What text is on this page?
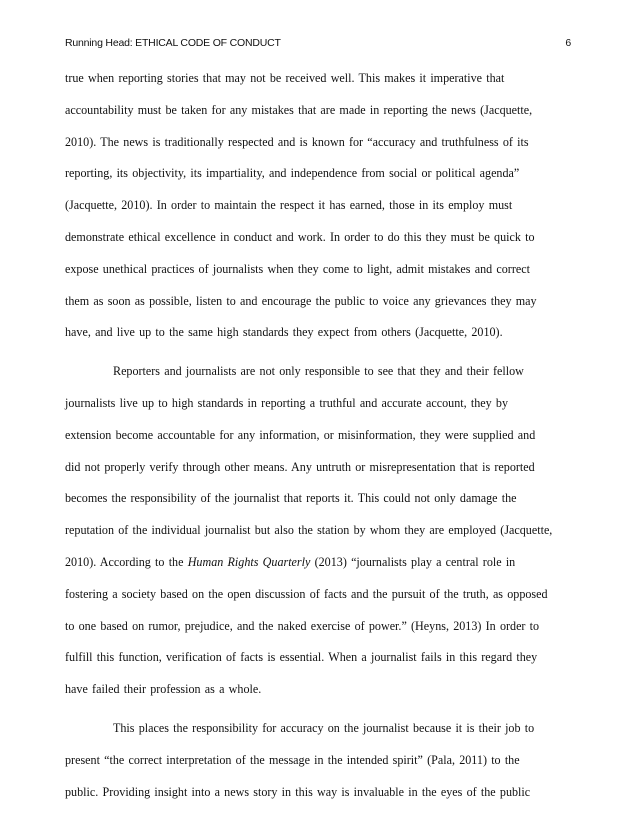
Running Head: ETHICAL CODE OF CONDUCT	6
true when reporting stories that may not be received well. This makes it imperative that
accountability must be taken for any mistakes that are made in reporting the news (Jacquette,
2010). The news is traditionally respected and is known for “accuracy and truthfulness of its
reporting, its objectivity, its impartiality, and independence from social or political agenda”
(Jacquette, 2010). In order to maintain the respect it has earned, those in its employ must
demonstrate ethical excellence in conduct and work. In order to do this they must be quick to
expose unethical practices of journalists when they come to light, admit mistakes and correct
them as soon as possible, listen to and encourage the public to voice any grievances they may
have, and live up to the same high standards they expect from others (Jacquette, 2010).
Reporters and journalists are not only responsible to see that they and their fellow
journalists live up to high standards in reporting a truthful and accurate account, they by
extension become accountable for any information, or misinformation, they were supplied and
did not properly verify through other means. Any untruth or misrepresentation that is reported
becomes the responsibility of the journalist that reports it. This could not only damage the
reputation of the individual journalist but also the station by whom they are employed (Jacquette,
2010). According to the Human Rights Quarterly (2013) “journalists play a central role in
fostering a society based on the open discussion of facts and the pursuit of the truth, as opposed
to one based on rumor, prejudice, and the naked exercise of power.” (Heyns, 2013) In order to
fulfill this function, verification of facts is essential. When a journalist fails in this regard they
have failed their profession as a whole.
This places the responsibility for accuracy on the journalist because it is their job to
present “the correct interpretation of the message in the intended spirit” (Pala, 2011) to the
public. Providing insight into a news story in this way is invaluable in the eyes of the public
